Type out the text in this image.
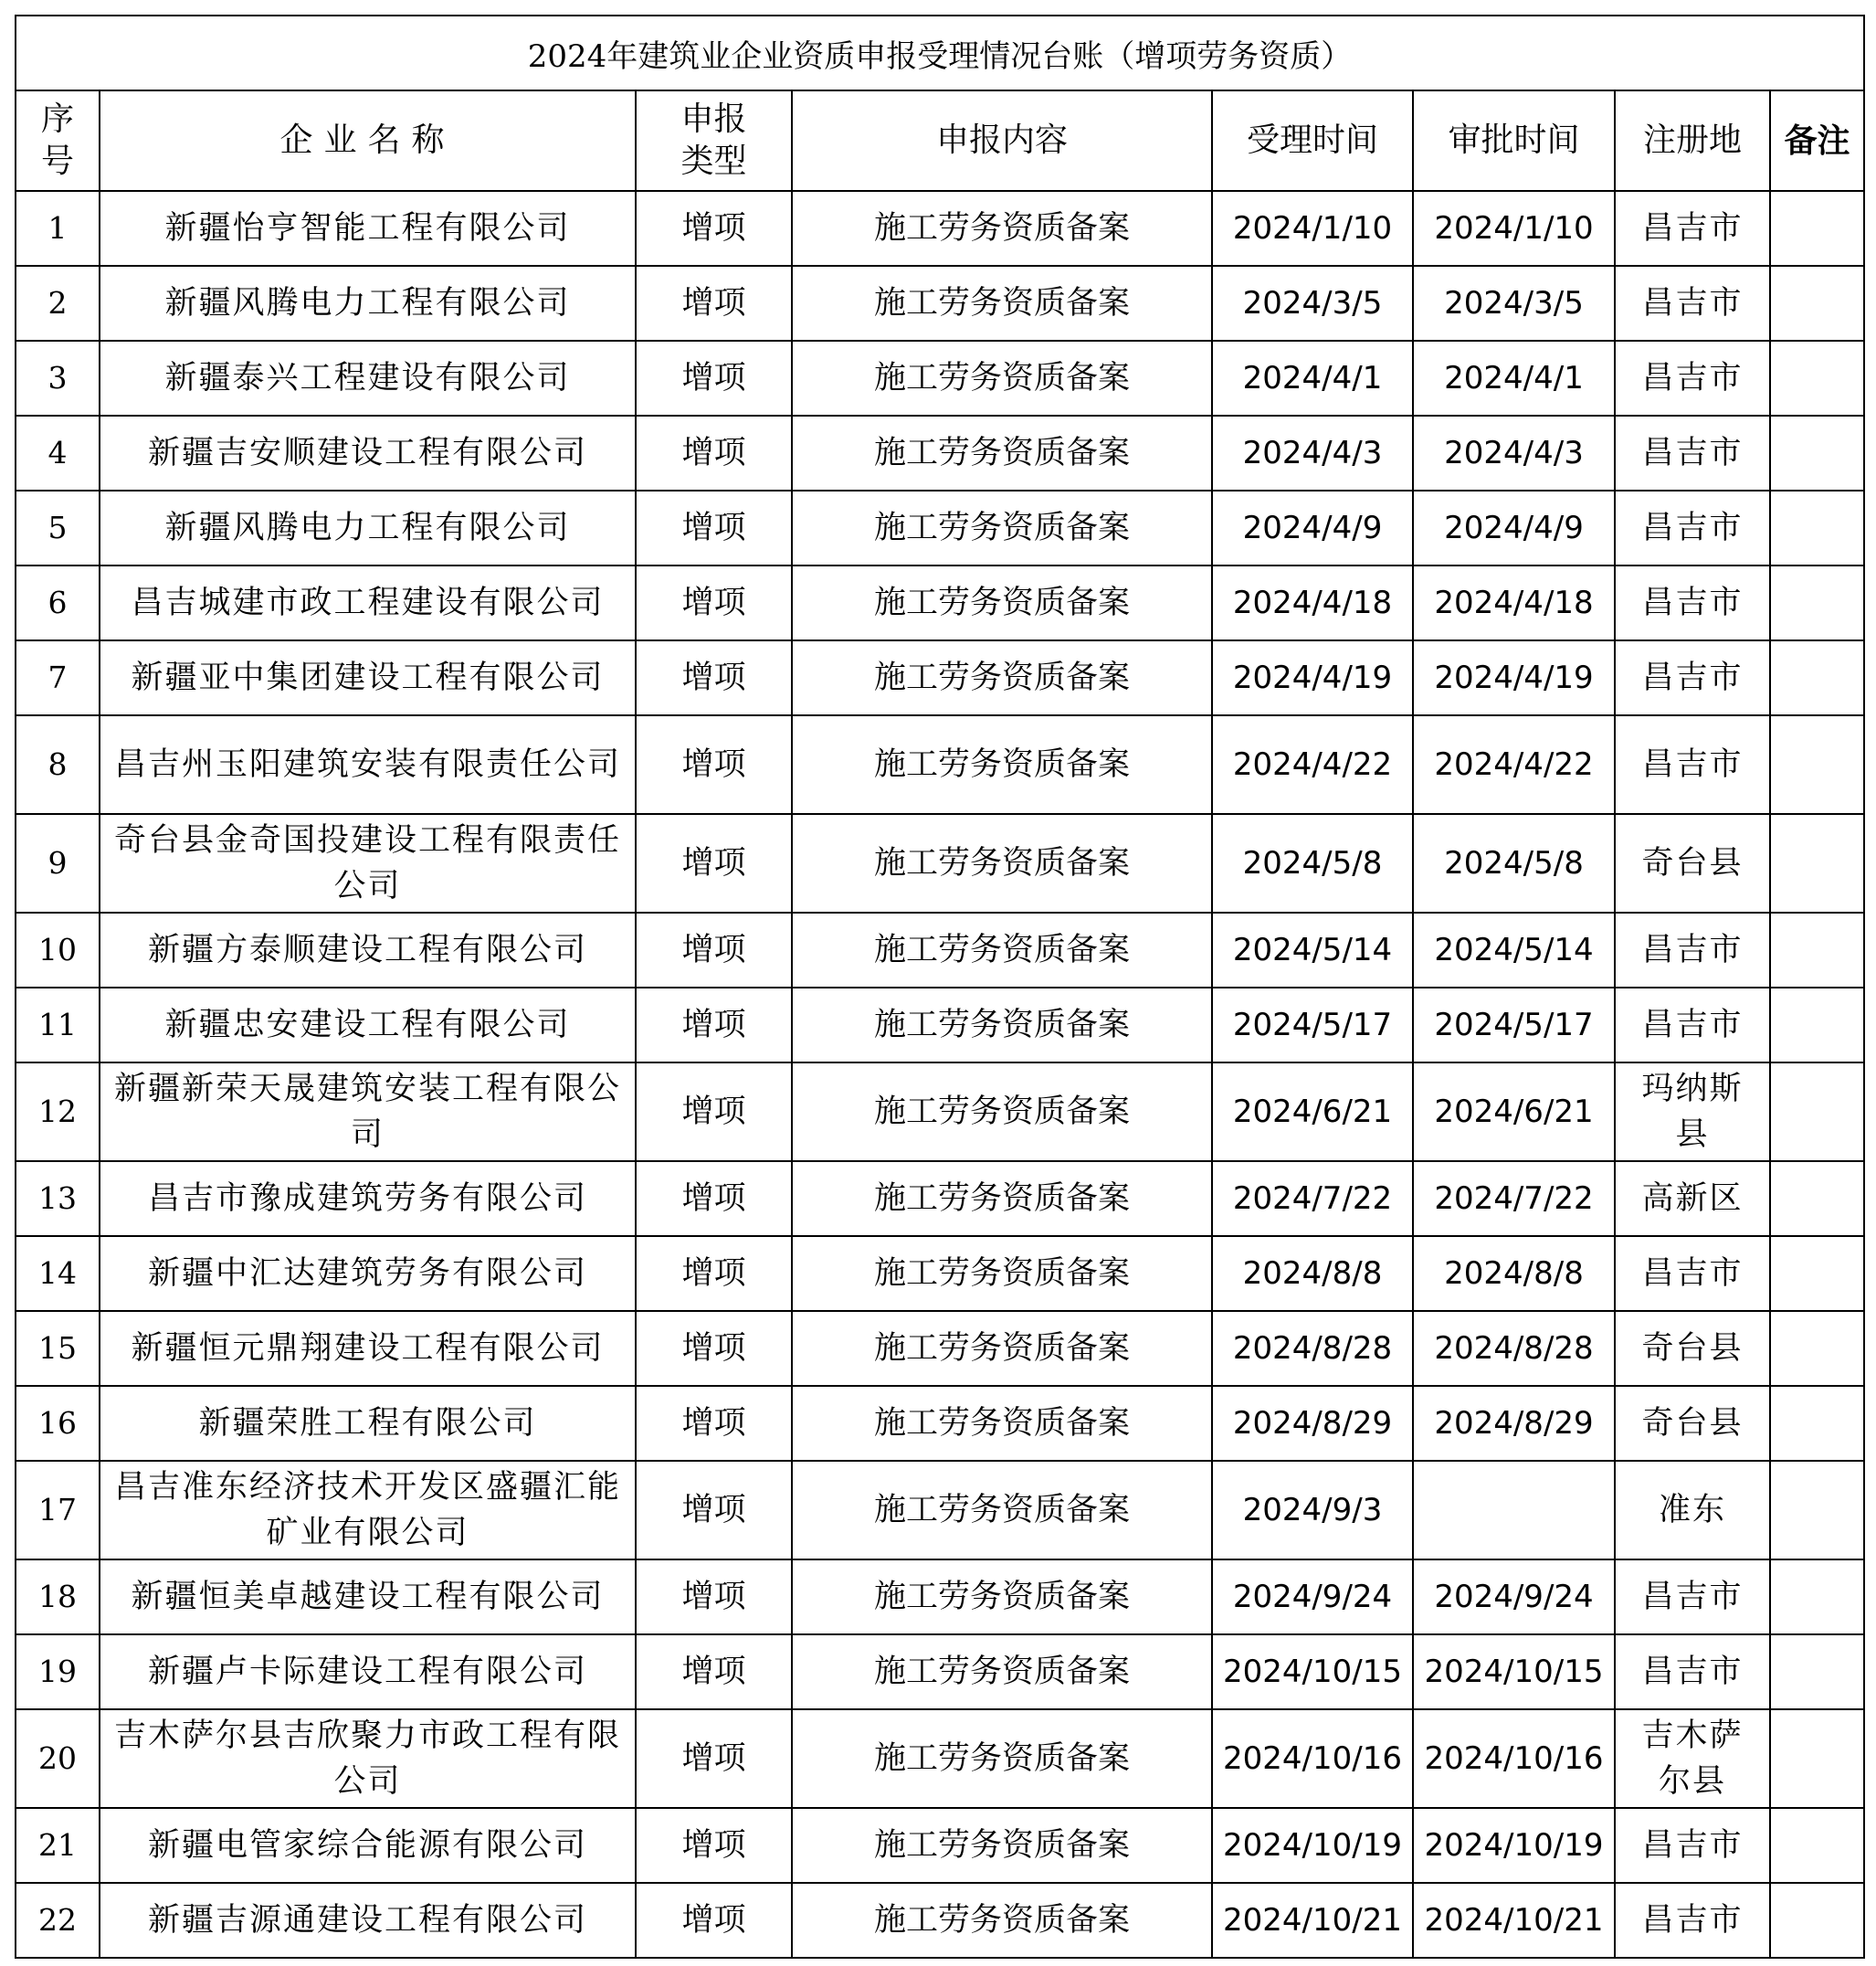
2024年建筑业企业资质申报受理情况台账（增项劳务资质）							
序号	企业名称	申报类型	申报内容	受理时间	审批时间	注册地	备注
1	新疆怡亨智能工程有限公司	增项	施工劳务资质备案	2024/1/10	2024/1/10	昌吉市	
2	新疆风腾电力工程有限公司	增项	施工劳务资质备案	2024/3/5	2024/3/5	昌吉市	
3	新疆泰兴工程建设有限公司	增项	施工劳务资质备案	2024/4/1	2024/4/1	昌吉市	
4	新疆吉安顺建设工程有限公司	增项	施工劳务资质备案	2024/4/3	2024/4/3	昌吉市	
5	新疆风腾电力工程有限公司	增项	施工劳务资质备案	2024/4/9	2024/4/9	昌吉市	
6	昌吉城建市政工程建设有限公司	增项	施工劳务资质备案	2024/4/18	2024/4/18	昌吉市	
7	新疆亚中集团建设工程有限公司	增项	施工劳务资质备案	2024/4/19	2024/4/19	昌吉市	
8	昌吉州玉阳建筑安装有限责任公司	增项	施工劳务资质备案	2024/4/22	2024/4/22	昌吉市	
9	奇台县金奇国投建设工程有限责任公司	增项	施工劳务资质备案	2024/5/8	2024/5/8	奇台县	
10	新疆方泰顺建设工程有限公司	增项	施工劳务资质备案	2024/5/14	2024/5/14	昌吉市	
11	新疆忠安建设工程有限公司	增项	施工劳务资质备案	2024/5/17	2024/5/17	昌吉市	
12	新疆新荣天晟建筑安装工程有限公司	增项	施工劳务资质备案	2024/6/21	2024/6/21	玛纳斯县	
13	昌吉市豫成建筑劳务有限公司	增项	施工劳务资质备案	2024/7/22	2024/7/22	高新区	
14	新疆中汇达建筑劳务有限公司	增项	施工劳务资质备案	2024/8/8	2024/8/8	昌吉市	
15	新疆恒元鼎翔建设工程有限公司	增项	施工劳务资质备案	2024/8/28	2024/8/28	奇台县	
16	新疆荣胜工程有限公司	增项	施工劳务资质备案	2024/8/29	2024/8/29	奇台县	
17	昌吉准东经济技术开发区盛疆汇能矿业有限公司	增项	施工劳务资质备案	2024/9/3		准东	
18	新疆恒美卓越建设工程有限公司	增项	施工劳务资质备案	2024/9/24	2024/9/24	昌吉市	
19	新疆卢卡际建设工程有限公司	增项	施工劳务资质备案	2024/10/15	2024/10/15	昌吉市	
20	吉木萨尔县吉欣聚力市政工程有限公司	增项	施工劳务资质备案	2024/10/16	2024/10/16	吉木萨尔县	
21	新疆电管家综合能源有限公司	增项	施工劳务资质备案	2024/10/19	2024/10/19	昌吉市	
22	新疆吉源通建设工程有限公司	增项	施工劳务资质备案	2024/10/21	2024/10/21	昌吉市	
